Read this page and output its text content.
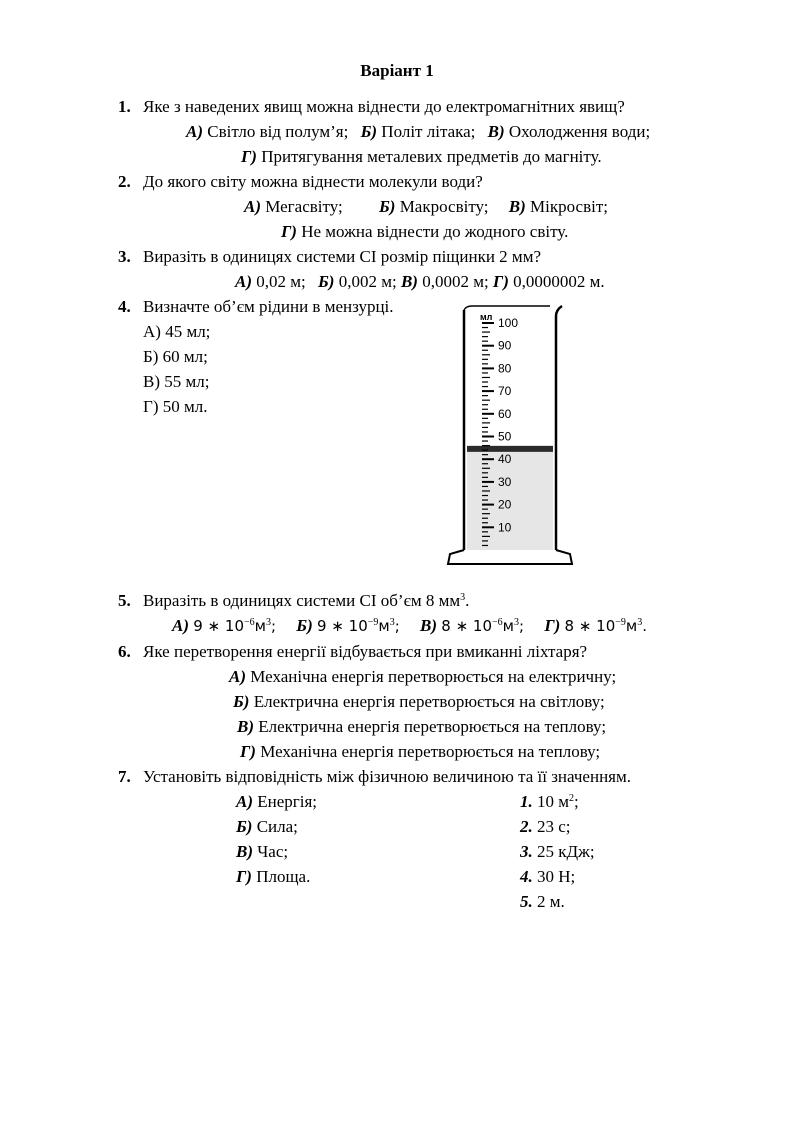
Варіант 1
1. Яке з наведених явищ можна віднести до електромагнітних явищ?
А) Світло від полум’я; Б) Політ літака; В) Охолодження води;
Г) Притягування металевих предметів до магніту.
2. До якого світу можна віднести молекули води?
А) Мегасвіту; Б) Макросвіту; В) Мікросвіт;
Г) Не можна віднести до жодного світу.
3. Виразіть в одиницях системи СІ розмір піщинки 2 мм?
А) 0,02 м; Б) 0,002 м; В) 0,0002 м; Г) 0,0000002 м.
4. Визначте об’єм рідини в мензурці.
А) 45 мл;
Б) 60 мл;
В) 55 мл;
Г) 50 мл.
мл 100
90
80
70
60
50
40
30
20
10
5. Виразіть в одиницях системи СІ об’єм 8 $мм^3$.
А) 9 ∗ $10^{-6}м^3$; Б) 9 ∗ $10^{-9}м^3$; В) 8 ∗ $10^{-6}м^3$; Г) 8 ∗ $10^{-9}м^3$.
6. Яке перетворення енергії відбувається при вмиканні ліхтаря?
А) Механічна енергія перетворюється на електричну;
Б) Електрична енергія перетворюється на світлову;
В) Електрична енергія перетворюється на теплову;
Г) Механічна енергія перетворюється на теплову;
7. Установіть відповідність між фізичною величиною та її значенням.
А) Енергія;
Б) Сила;
В) Час;
Г) Площа.
1. 10 $м^2$;
2. 23 с;
3. 25 кДж;
4. 30 Н;
5. 2 м.
